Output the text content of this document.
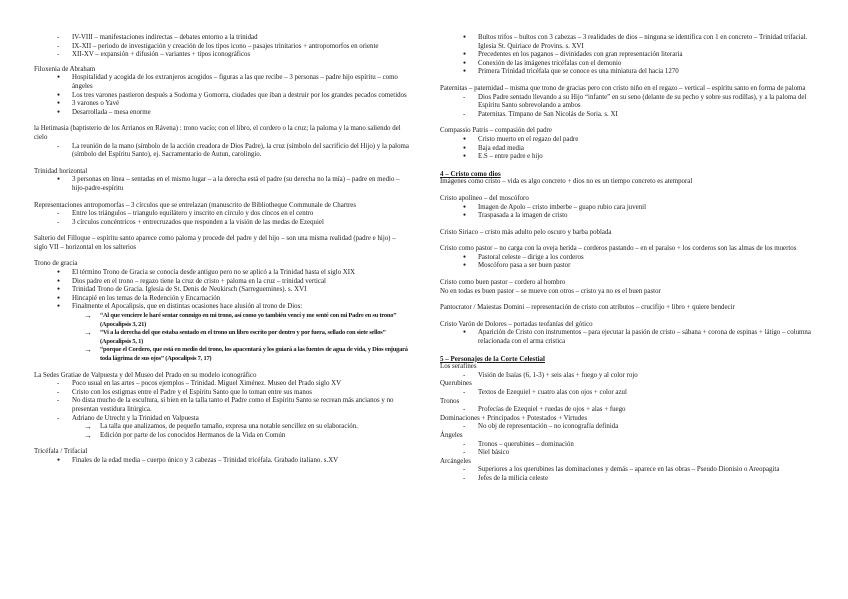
- IV-VIII – manifestaciones indirectas – debates entorno a la trinidad
- IX-XII – periodo de investigación y creación de los tipos icono – pasajes trinitarios + antropomorfos en oriente
- XII-XV – expansión + difusión – variantes + tipos iconográficos

Filoxenia de Abraham

● Hospitalidad y acogida de los extranjeros acogidos – figuras a las que recibe – 3 personas – padre hijo espíritu – como ángeles
● Los tres varones pastieron después a Sodoma y Gomorra, ciudades que iban a destruir por los grandes pecados cometidos
● 3 varones o Yavé
● Desarrollada – mesa enorme

la Hetimasia (baptisterio de los Arrianos en Rávena) : trono vacío; con el libro, el cordero o la cruz; la paloma y la mano saliendo del cielo

- La reunión de la mano (símbolo de la acción creadora de Dios Padre), la cruz (símbolo del sacrificio del Hijo) y la paloma (símbolo del Espíritu Santo), ej. Sacramentario de Autun, carolingio.

Trinidad horizontal

● 3 personas en línea – sentadas en el mismo lugar – a la derecha está el padre (su derecha no la mía) – padre en medio – hijo-padre-espíritu

Representaciones antropomorfas – 3 círculos que se entrelazan (manuscrito de Bibliotheque Communale de Chartres

- Entre los triángulos – triangulo equilátero y inscrito en círculo y dos cíncos en el centro
- 3 círculos concéntricos + entrecruzados que responden a la visión de las medas de Ezequiel

Salterio del Filloque – espíritu santo aparece como paloma y procede del padre y del hijo – son una misma realidad (padre e hijo) – siglo VII – horizontal en los salterios

Trono de gracia

● El término Trono de Gracia se conocía desde antiguo pero no se aplicó a la Trinidad hasta el siglo XIX
● Dios padre en el trono – regazo tiene la cruz de cristo + paloma en la cruz – trinidad vertical
● Trinidad Trono de Gracia. Iglesia de St. Denis de Neukirsch (Sarreguemines). s. XVI
● Hincapié en los temas de la Redención y Encarnación
● Finalmente el Apocalipsis, que en distintas ocasiones hace alusión al trono de Dios:
→ “Al que venciere le haré sentar conmigo en mi trono, así como yo también vencí y me senté con mi Padre en su trono” (Apocalipsis 3, 21)
→ “Vi a la derecha del que estaba sentado en el trono un libro escrito por dentro y por fuera, sellado con siete sellos” (Apocalipsis 5, 1)
→ “porque el Cordero, que está en medio del trono, los apacentará y los guiará a las fuentes de agua de vida, y Dios enjugará toda lágrima de sus ojos” (Apocalipsis 7, 17)

La Sedes Gratiae de Valpuesta y del Museo del Prado en su modelo iconográfico

- Poco usual en las artes – pocos ejemplos – Trinidad. Miguel Ximénez. Museo del Prado siglo XV
- Cristo con los estigmas entre el Padre y el Espíritu Santo que lo toman entre sus manos
- No dista mucho de la escultura, si bien en la talla tanto el Padre como el Espíritu Santo se recrean más ancianos y no presentan vestidura litúrgica.
- Adriano de Utrecht y la Trinidad en Valpuesta
→ La talla que analizamos, de pequeño tamaño, expresa una notable sencillez en su elaboración.
→ Edición por parte de los conocidos Hermanos de la Vida en Común

Tricéfala / Trifacial

● Finales de la edad media – cuerpo único y 3 cabezas – Trinidad tricéfala. Grabado italiano. s.XV
● Bultos trifos – bultos con 3 cabezas – 3 realidades de dios – ninguna se identifica con 1 en concreto – Trinidad trifacial. Iglesia St. Quiriace de Provins. s. XVI
● Precedentes en los paganos – divinidades con gran representación literaria
● Conexión de las imágenes tricéfalas con el demonio
● Primera Trinidad tricéfala que se conoce es una miniatura del hacia 1270

Paternitas – paternidad – misma que trono de gracias pero con cristo niño en el regazo – vertical – espíritu santo en forma de paloma

- Dios Padre sentado llevando a su Hijo “infante” en su seno (delante de su pecho y sobre sus rodillas), y a la paloma del Espíritu Santo sobrevolando a ambos
- Paternitas. Tímpano de San Nicolás de Soria. s. XI

Compassio Patris – compasión del padre

● Cristo muerto en el regazo del padre
● Baja edad media
● E.S – entre padre e hijo

4 – Cristo como dios

Imágenes como cristo – vida es algo concreto + dios no es un tiempo concreto es atemporal

Cristo apolíneo – del moscóforo

● Imagen de Apolo – cristo imberbe – guapo rubio cara juvenil
● Traspasada a la imagen de cristo

Cristo Siriaco – cristo más adulto pelo oscuro y barba poblada

Cristo como pastor – no carga con la oveja herida – corderos pastando – en el paraíso + los corderos son las almas de los muertos

● Pastoral celeste – dirige a los corderos
● Moscóforo pasa a ser buen pastor

Cristo como buen pastor – cordero al hombro

No en todas es buen pastor – se mueve con otros – cristo ya no es el buen pastor

Pantocrator / Maiestas Domini – representación de cristo con atributos – crucifijo + libro + quiere bendecir

Cristo Varón de Dolores – portadas teofanías del gótico

● Aparición de Cristo con instrumentos – para ejecutar la pasión de cristo – sábana + corona de espinas + látigo – columna relacionada con el arma cristica

5 – Personajes de la Corte Celestial

Los serafines

- Visión de Isaías (6, 1-3) + seis alas + fuego y al color rojo

Querubines

- Textos de Ezequiel + cuatro alas con ojos + color azul

Tronos

- Profecías de Ezequiel + ruedas de ojos + alas + fuego

Dominaciones + Principados + Potestados + Virtudes

- No obj de representación – no iconografía definida

Ángeles

- Tronos – querubines – dominación
- Niel básico

Arcángeles

- Superiores a los querubines las dominaciones y demás – aparece en las obras – Pseudo Dionisio o Areopagita
- Jefes de la milicia celeste
